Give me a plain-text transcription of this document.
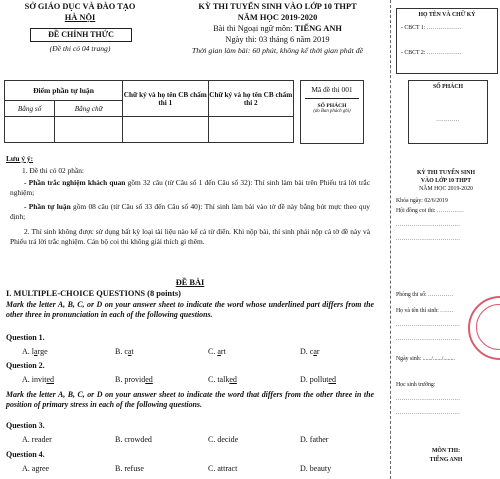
SỞ GIÁO DỤC VÀ ĐÀO TẠO
HÀ NỘI
ĐỀ CHÍNH THỨC
(Đề thi có 04 trang)
KỲ THI TUYỂN SINH VÀO LỚP 10 THPT
NĂM HỌC 2019-2020
Bài thi Ngoại ngữ môn: TIẾNG ANH
Ngày thi: 03 tháng 6 năm 2019
Thời gian làm bài: 60 phút, không kể thời gian phát đề
Điểm phần tự luận		Chữ ký và họ tên CB chấm thi 1	Chữ ký và họ tên CB chấm thi 2
Bằng số	Bằng chữ		

Mã đề thi 001
SỐ PHÁCH
(do Ban phách ghi)
Lưu ý ý:
1. Đề thi có 02 phần:
- Phần trắc nghiệm khách quan gồm 32 câu (từ Câu số 1 đến Câu số 32): Thí sinh làm bài trên Phiếu trả lời trắc nghiệm;
- Phần tự luận gồm 08 câu (từ Câu số 33 đến Câu số 40): Thí sinh làm bài vào tờ đề này bằng bút mực theo quy định;
2. Thí sinh không được sử dụng bất kỳ loại tài liệu nào kể cả từ điển. Khi nộp bài, thí sinh phải nộp cả tờ đề này và Phiếu trả lời trắc nghiệm. Cán bộ coi thi không giải thích gì thêm.
ĐỀ BÀI
I. MULTIPLE-CHOICE QUESTIONS (8 points)
Mark the letter A, B, C, or D on your answer sheet to indicate the word whose underlined part differs from the other three in pronunciation in each of the following questions.
Question 1.
A. large	B. cat	C. art	D. car
Question 2.
A. invited	B. provided	C. talked	D. polluted
Mark the letter A, B, C, or D on your answer sheet to indicate the word that differs from the other three in the position of primary stress in each of the following questions.
Question 3.
A. reader	B. crowded	C. decide	D. father
Question 4.
A. agree	B. refuse	C. attract	D. beauty
HỌ TÊN VÀ CHỮ KÝ
- CBCT 1: ..................
- CBCT 2: ..................
SỐ PHÁCH
............
KỲ THI TUYỂN SINH
VÀO LỚP 10 THPT
NĂM HỌC 2019-2020
Khóa ngày: 02/6/2019
Hội đồng coi thi: ..............
.................................
.................................
Phòng thi số: .............
Họ và tên thí sinh: .......
.................................
.................................
Ngày sinh: ....../....../........
Học sinh trường:
.................................
.................................
MÔN THI:
TIẾNG ANH
